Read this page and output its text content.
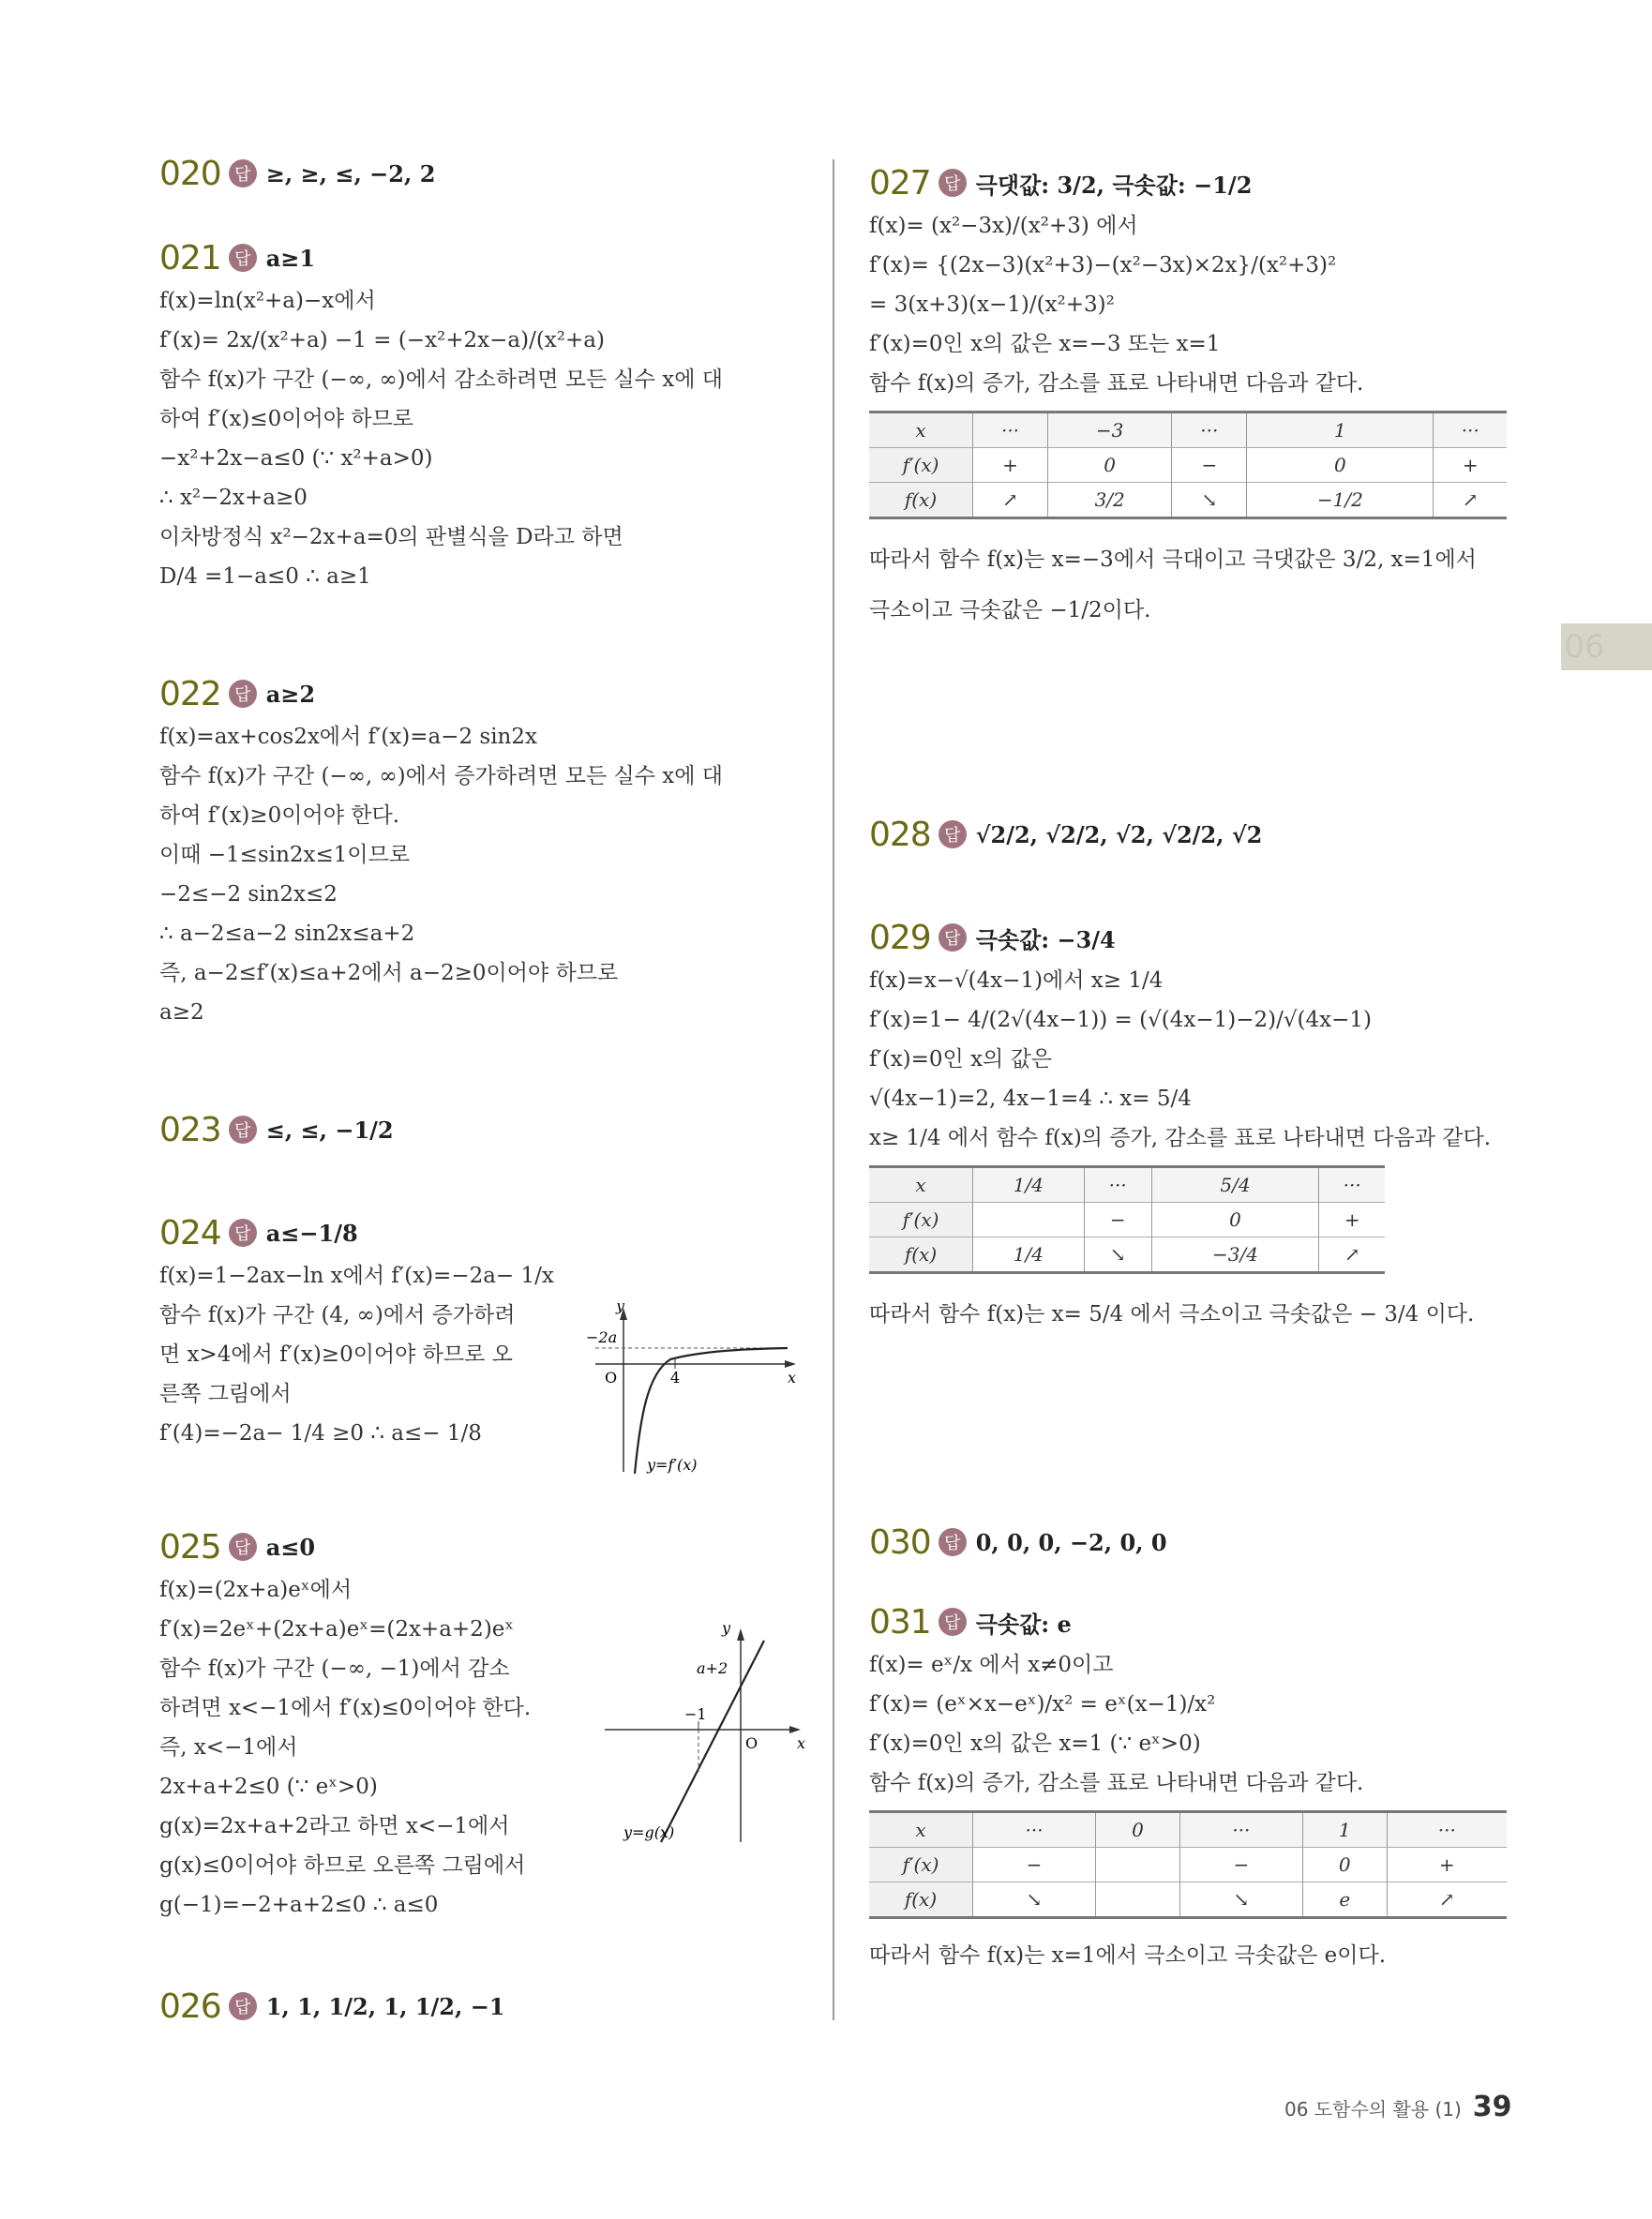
06
020 답 ≥, ≥, ≤, −2, 2
021 답 a≥1
f(x)=ln(x²+a)−x에서
f′(x)= 2x/(x²+a) −1 = (−x²+2x−a)/(x²+a)
함수 f(x)가 구간 (−∞, ∞)에서 감소하려면 모든 실수 x에 대
하여 f′(x)≤0이어야 하므로
−x²+2x−a≤0 (∵ x²+a>0)
∴ x²−2x+a≥0
이차방정식 x²−2x+a=0의 판별식을 D라고 하면
D/4 =1−a≤0 ∴ a≥1
022 답 a≥2
f(x)=ax+cos2x에서 f′(x)=a−2 sin2x
함수 f(x)가 구간 (−∞, ∞)에서 증가하려면 모든 실수 x에 대
하여 f′(x)≥0이어야 한다.
이때 −1≤sin2x≤1이므로
−2≤−2 sin2x≤2
∴ a−2≤a−2 sin2x≤a+2
즉, a−2≤f′(x)≤a+2에서 a−2≥0이어야 하므로
a≥2
023 답 ≤, ≤, −1/2
024 답 a≤−1/8
f(x)=1−2ax−ln x에서 f′(x)=−2a− 1/x
함수 f(x)가 구간 (4, ∞)에서 증가하려
면 x>4에서 f′(x)≥0이어야 하므로 오
른쪽 그림에서
f′(4)=−2a− 1/4 ≥0 ∴ a≤− 1/8
y
x
O
−2a
4
y=f′(x)
025 답 a≤0
f(x)=(2x+a)eˣ에서
f′(x)=2eˣ+(2x+a)eˣ=(2x+a+2)eˣ
함수 f(x)가 구간 (−∞, −1)에서 감소
하려면 x<−1에서 f′(x)≤0이어야 한다.
즉, x<−1에서
2x+a+2≤0 (∵ eˣ>0)
g(x)=2x+a+2라고 하면 x<−1에서
g(x)≤0이어야 하므로 오른쪽 그림에서
g(−1)=−2+a+2≤0 ∴ a≤0
y
x
O
a+2
−1
y=g(x)
026 답 1, 1, 1/2, 1, 1/2, −1
027 답 극댓값: 3/2, 극솟값: −1/2
f(x)= (x²−3x)/(x²+3) 에서
f′(x)= {(2x−3)(x²+3)−(x²−3x)×2x}/(x²+3)²
= 3(x+3)(x−1)/(x²+3)²
f′(x)=0인 x의 값은 x=−3 또는 x=1
함수 f(x)의 증가, 감소를 표로 나타내면 다음과 같다.
x	···	−3	···	1	···
f′(x)	+	0	−	0	+
f(x)	↗	3/2	↘	−1/2	↗
따라서 함수 f(x)는 x=−3에서 극대이고 극댓값은 3/2, x=1에서
극소이고 극솟값은 −1/2이다.
028 답 √2/2, √2/2, √2, √2/2, √2
029 답 극솟값: −3/4
f(x)=x−√(4x−1)에서 x≥ 1/4
f′(x)=1− 4/(2√(4x−1)) = (√(4x−1)−2)/√(4x−1)
f′(x)=0인 x의 값은
√(4x−1)=2, 4x−1=4 ∴ x= 5/4
x≥ 1/4 에서 함수 f(x)의 증가, 감소를 표로 나타내면 다음과 같다.
x	1/4	···	5/4	···
f′(x)		−	0	+
f(x)	1/4	↘	−3/4	↗
따라서 함수 f(x)는 x= 5/4 에서 극소이고 극솟값은 − 3/4 이다.
030 답 0, 0, 0, −2, 0, 0
031 답 극솟값: e
f(x)= eˣ/x 에서 x≠0이고
f′(x)= (eˣ×x−eˣ)/x² = eˣ(x−1)/x²
f′(x)=0인 x의 값은 x=1 (∵ eˣ>0)
함수 f(x)의 증가, 감소를 표로 나타내면 다음과 같다.
x	···	0	···	1	···
f′(x)	−		−	0	+
f(x)	↘		↘	e	↗
따라서 함수 f(x)는 x=1에서 극소이고 극솟값은 e이다.
06 도함수의 활용 (1) 39
